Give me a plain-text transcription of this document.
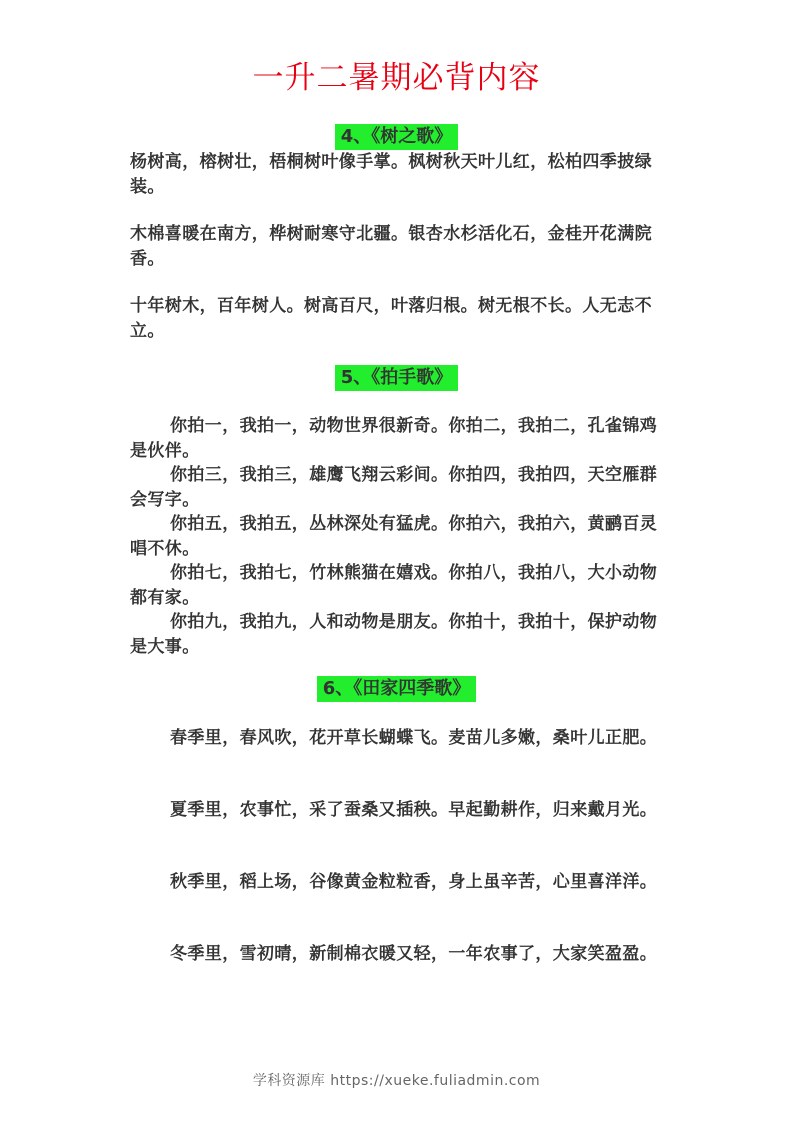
一升二暑期必背内容
4、《树之歌》

杨树高，榕树壮，梧桐树叶像手掌。枫树秋天叶儿红，松柏四季披绿装。

木棉喜暖在南方，桦树耐寒守北疆。银杏水杉活化石，金桂开花满院香。

十年树木，百年树人。树高百尺，叶落归根。树无根不长。人无志不立。

5、《拍手歌》

你拍一，我拍一，动物世界很新奇。你拍二，我拍二，孔雀锦鸡是伙伴。

你拍三，我拍三，雄鹰飞翔云彩间。你拍四，我拍四，天空雁群会写字。

你拍五，我拍五，丛林深处有猛虎。你拍六，我拍六，黄鹂百灵唱不休。

你拍七，我拍七，竹林熊猫在嬉戏。你拍八，我拍八，大小动物都有家。

你拍九，我拍九，人和动物是朋友。你拍十，我拍十，保护动物是大事。

6、《田家四季歌》

春季里，春风吹，花开草长蝴蝶飞。麦苗儿多嫩，桑叶儿正肥。

夏季里，农事忙，采了蚕桑又插秧。早起勤耕作，归来戴月光。

秋季里，稻上场，谷像黄金粒粒香，身上虽辛苦，心里喜洋洋。

冬季里，雪初晴，新制棉衣暖又轻，一年农事了，大家笑盈盈。

学科资源库 https://xueke.fuliadmin.com
